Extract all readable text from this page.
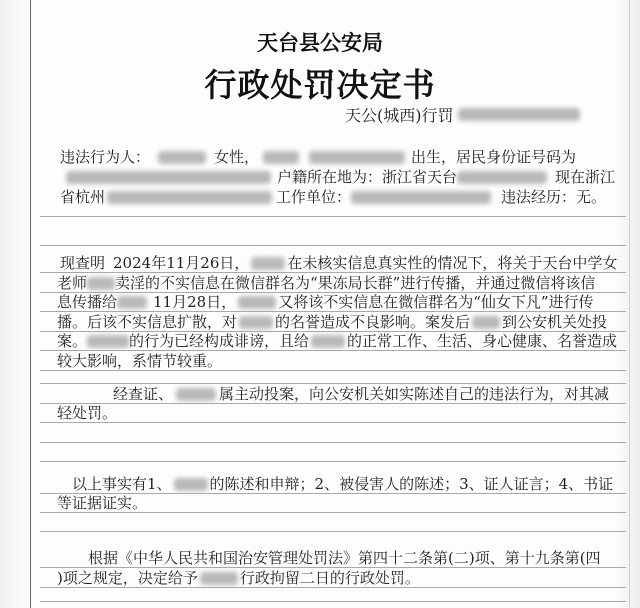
天台县公安局
行政处罚决定书
天公(城西)行罚
违法行为人：	女性，	出生，居民身份证号码为
户籍所在地为：浙江省天台	现在浙江
省杭州	工作单位：	违法经历：无。
现查明 2024年11月26日，	在未核实信息真实性的情况下，将关于天台中学女
老师 卖淫的不实信息在微信群名为“果冻局长群”进行传播，并通过微信将该信
息传播给 11月28日，	又将该不实信息在微信群名为“仙女下凡”进行传
播。后该不实信息扩散，对	的名誉造成不良影响。案发后 到公安机关处投
案。	的行为已经构成诽谤，且给	的正常工作、生活、身心健康、名誉造成
较大影响，系情节较重。
经查证、	属主动投案，向公安机关如实陈述自己的违法行为，对其减
轻处罚。
以上事实有1、	的陈述和申辩；2、被侵害人的陈述；3、证人证言；4、书证
等证据证实。
根据《中华人民共和国治安管理处罚法》第四十二条第(二)项、第十九条第(四
)项之规定，决定给予	行政拘留二日的行政处罚。
